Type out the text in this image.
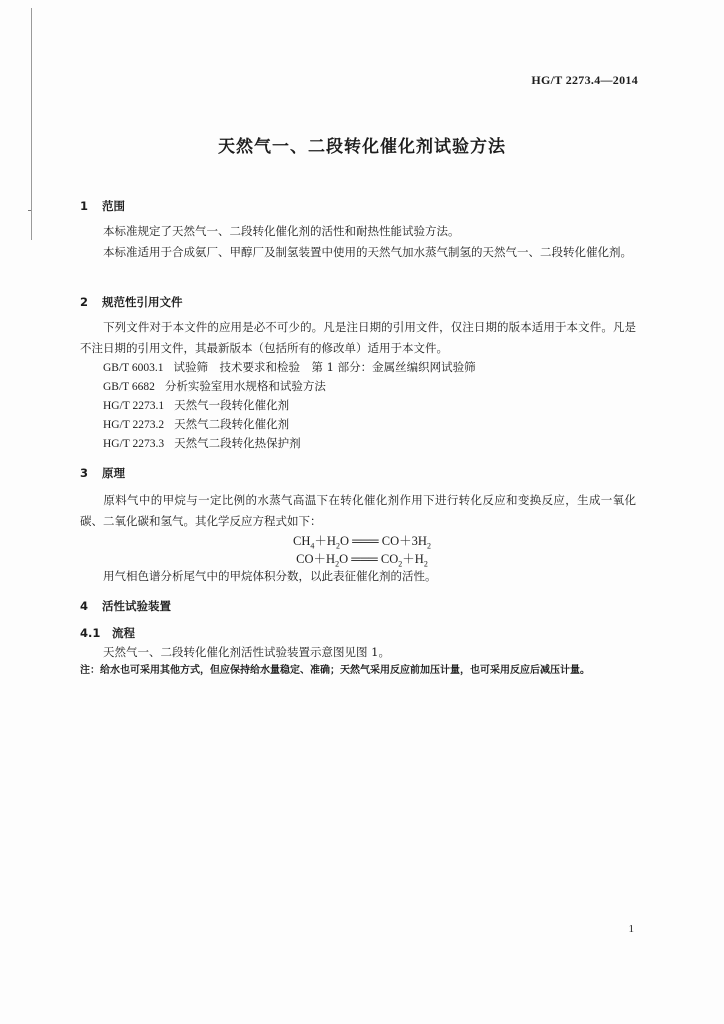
HG/T 2273.4—2014
天然气一、二段转化催化剂试验方法
1 范围
本标准规定了天然气一、二段转化催化剂的活性和耐热性能试验方法。
本标准适用于合成氨厂、甲醇厂及制氢装置中使用的天然气加水蒸气制氢的天然气一、二段转化催化剂。
2 规范性引用文件
下列文件对于本文件的应用是必不可少的。凡是注日期的引用文件，仅注日期的版本适用于本文件。凡是不注日期的引用文件，其最新版本（包括所有的修改单）适用于本文件。
GB/T 6003.1 试验筛　技术要求和检验　第 1 部分：金属丝编织网试验筛
GB/T 6682 分析实验室用水规格和试验方法
HG/T 2273.1 天然气一段转化催化剂
HG/T 2273.2 天然气二段转化催化剂
HG/T 2273.3 天然气二段转化热保护剂
3 原理
原料气中的甲烷与一定比例的水蒸气高温下在转化催化剂作用下进行转化反应和变换反应，生成一氧化碳、二氧化碳和氢气。其化学反应方程式如下：
$CH_4+H_2O$ ═══ $CO+3H_2$
$CO+H_2O$ ═══ $CO_2+H_2$
用气相色谱分析尾气中的甲烷体积分数，以此表征催化剂的活性。
4 活性试验装置
4.1 流程
天然气一、二段转化催化剂活性试验装置示意图见图 1。
注：给水也可采用其他方式，但应保持给水量稳定、准确；天然气采用反应前加压计量，也可采用反应后减压计量。
1
